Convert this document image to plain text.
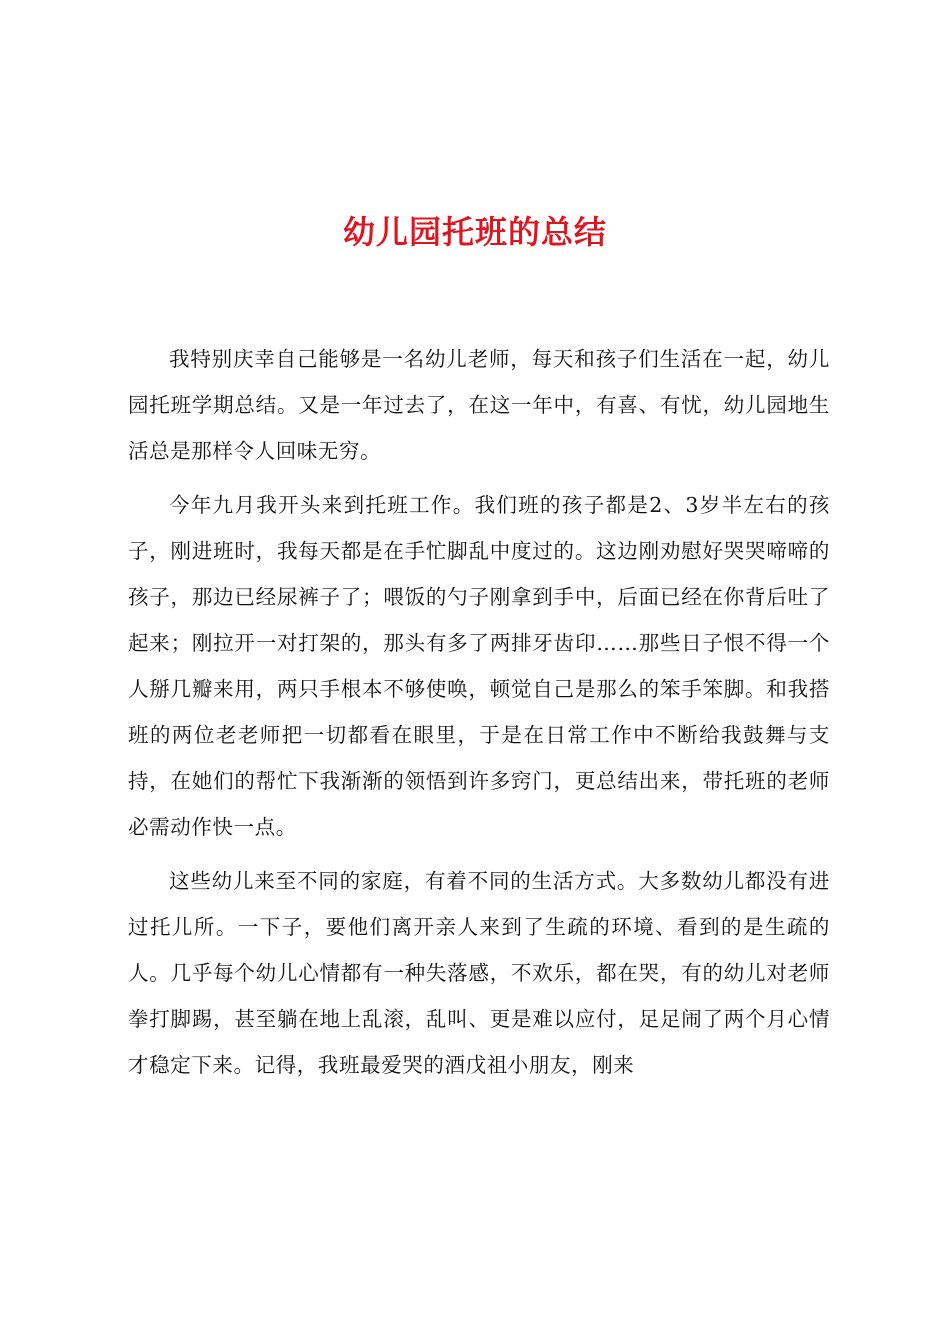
幼儿园托班的总结

我特别庆幸自己能够是一名幼儿老师，每天和孩子们生活在一起，幼儿园托班学期总结。又是一年过去了，在这一年中，有喜、有忧，幼儿园地生活总是那样令人回味无穷。

今年九月我开头来到托班工作。我们班的孩子都是2、3岁半左右的孩子，刚进班时，我每天都是在手忙脚乱中度过的。这边刚劝慰好哭哭啼啼的孩子，那边已经尿裤子了；喂饭的勺子刚拿到手中，后面已经在你背后吐了起来；刚拉开一对打架的，那头有多了两排牙齿印……那些日子恨不得一个人掰几瓣来用，两只手根本不够使唤，顿觉自己是那么的笨手笨脚。和我搭班的两位老老师把一切都看在眼里，于是在日常工作中不断给我鼓舞与支持，在她们的帮忙下我渐渐的领悟到许多窍门，更总结出来，带托班的老师必需动作快一点。

这些幼儿来至不同的家庭，有着不同的生活方式。大多数幼儿都没有进过托儿所。一下子，要他们离开亲人来到了生疏的环境、看到的是生疏的人。几乎每个幼儿心情都有一种失落感，不欢乐，都在哭，有的幼儿对老师拳打脚踢，甚至躺在地上乱滚，乱叫、更是难以应付，足足闹了两个月心情才稳定下来。记得，我班最爱哭的酒戊祖小朋友，刚来
